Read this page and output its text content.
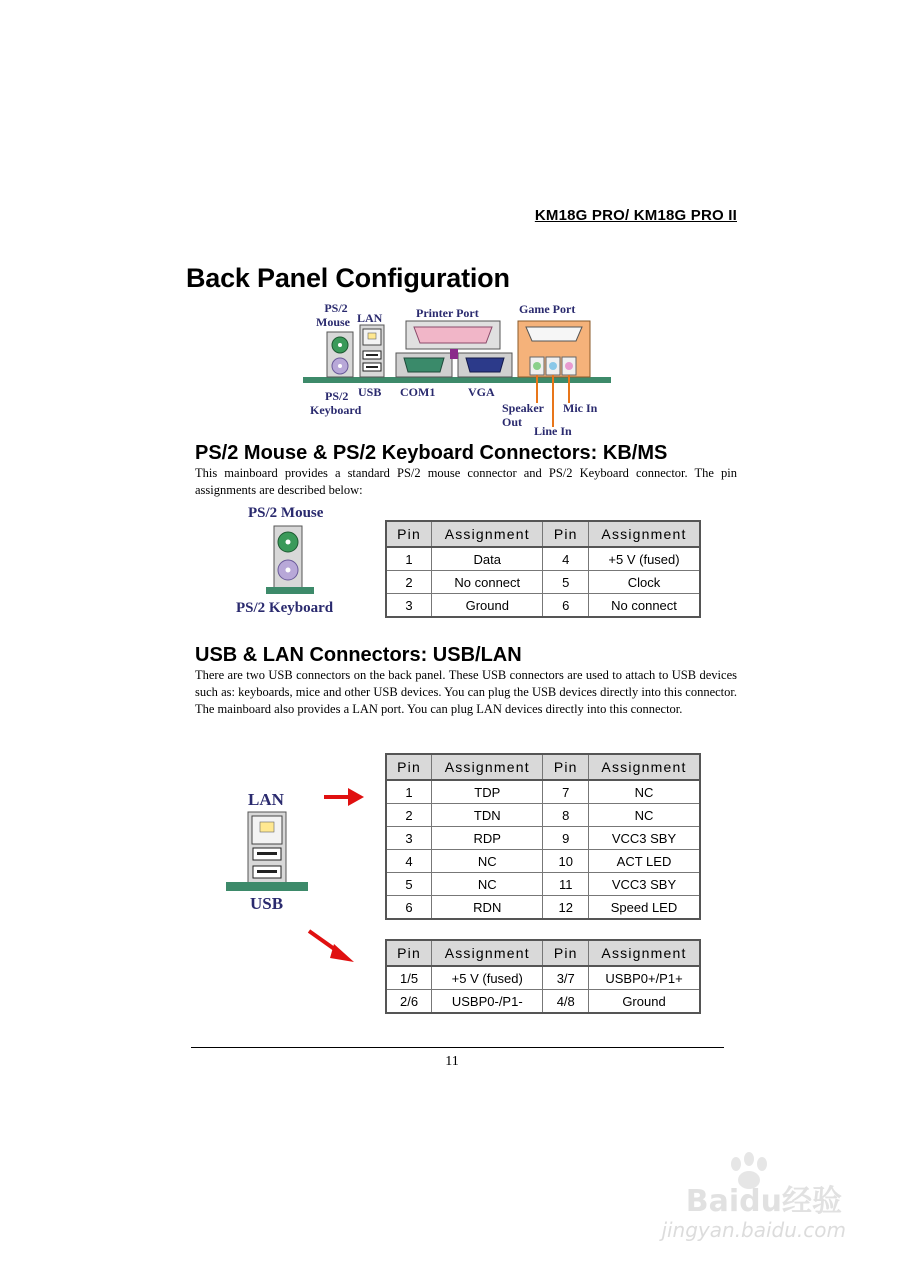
KM18G PRO/ KM18G PRO II
Back Panel Configuration
PS/2
Mouse LAN	Printer Port	Game Port
USB COM1	VGA
PS/2
Keyboard	Speaker
Out
Mic In
Line In
PS/2 Mouse & PS/2 Keyboard Connectors: KB/MS

This mainboard provides a standard PS/2 mouse connector and PS/2 Keyboard connector. The pin assignments are described below:

PS/2 Mouse
PS/2 Keyboard
Pin	Assignment	Pin	Assignment
1	Data	4	+5 V (fused)
2	No connect	5	Clock
3	Ground	6	No connect
USB & LAN Connectors: USB/LAN

There are two USB connectors on the back panel. These USB connectors are used to attach to USB devices such as: keyboards, mice and other USB devices. You can plug the USB devices directly into this connector. The mainboard also provides a LAN port. You can plug LAN devices directly into this connector.

LAN
USB
Pin	Assignment	Pin	Assignment
1	TDP	7	NC
2	TDN	8	NC
3	RDP	9	VCC3 SBY
4	NC	10	ACT LED
5	NC	11	VCC3 SBY
6	RDN	12	Speed LED
Pin	Assignment	Pin	Assignment
1/5	+5 V (fused)	3/7	USBP0+/P1+
2/6	USBP0-/P1-	4/8	Ground
11
Baidu经验
jingyan.baidu.com
